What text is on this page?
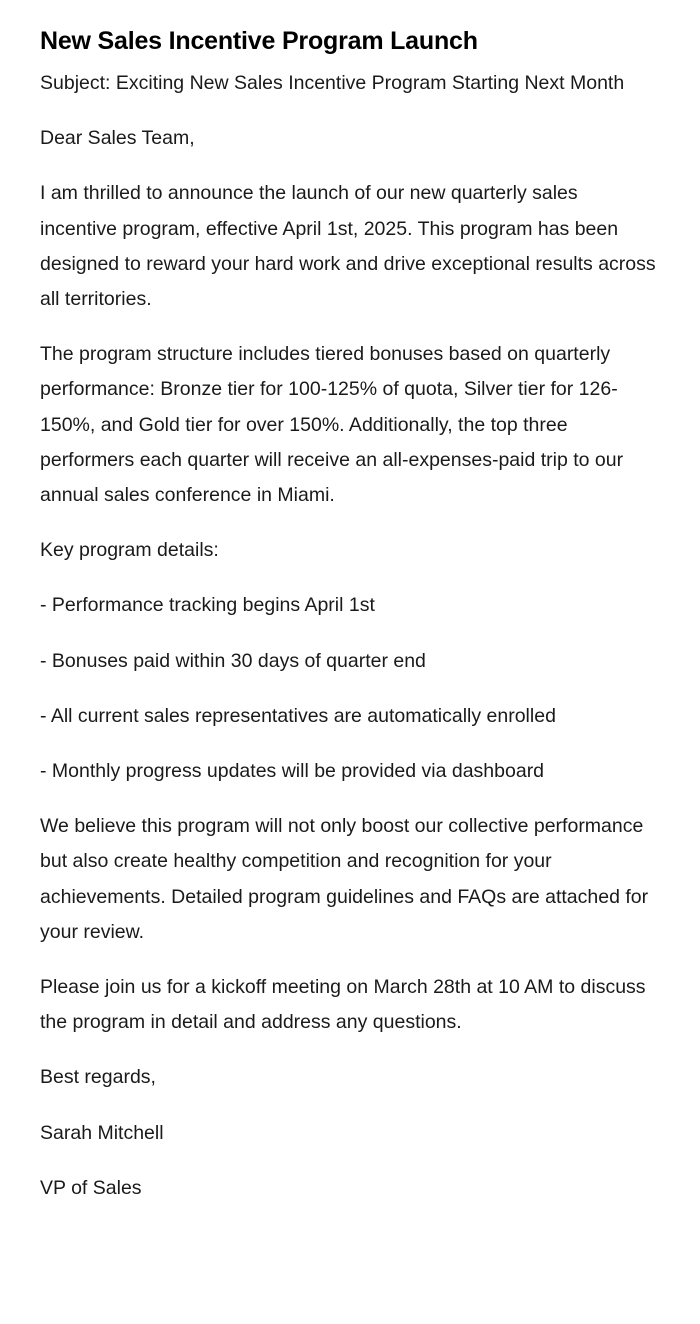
New Sales Incentive Program Launch

Subject: Exciting New Sales Incentive Program Starting Next Month

Dear Sales Team,

I am thrilled to announce the launch of our new quarterly sales incentive program, effective April 1st, 2025. This program has been designed to reward your hard work and drive exceptional results across all territories.

The program structure includes tiered bonuses based on quarterly performance: Bronze tier for 100-125% of quota, Silver tier for 126-150%, and Gold tier for over 150%. Additionally, the top three performers each quarter will receive an all-expenses-paid trip to our annual sales conference in Miami.

Key program details:

- Performance tracking begins April 1st

- Bonuses paid within 30 days of quarter end

- All current sales representatives are automatically enrolled

- Monthly progress updates will be provided via dashboard

We believe this program will not only boost our collective performance but also create healthy competition and recognition for your achievements. Detailed program guidelines and FAQs are attached for your review.

Please join us for a kickoff meeting on March 28th at 10 AM to discuss the program in detail and address any questions.

Best regards,

Sarah Mitchell

VP of Sales
